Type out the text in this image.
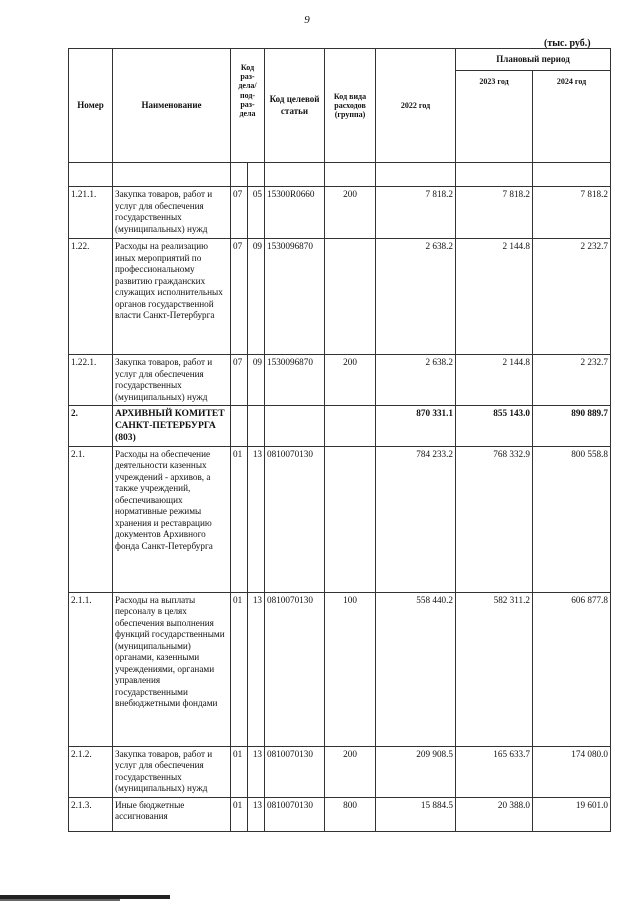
9
(тыс. руб.)
Номер	Наименование	Код раз-дела/ под-раз-дела		Код целевой статьи	Код вида расходов (группа)	2022 год	Плановый период	
							2023 год	2024 год

1.21.1.	Закупка товаров, работ и услуг для обеспечения государственных (муниципальных) нужд	07	05	15300R0660	200	7 818.2	7 818.2	7 818.2
1.22.	Расходы на реализацию иных мероприятий по профессиональному развитию гражданских служащих исполнительных органов государственной власти Санкт-Петербурга	07	09	1530096870		2 638.2	2 144.8	2 232.7
1.22.1.	Закупка товаров, работ и услуг для обеспечения государственных (муниципальных) нужд	07	09	1530096870	200	2 638.2	2 144.8	2 232.7
2.	АРХИВНЫЙ КОМИТЕТ САНКТ-ПЕТЕРБУРГА (803)					870 331.1	855 143.0	890 889.7
2.1.	Расходы на обеспечение деятельности казенных учреждений - архивов, а также учреждений, обеспечивающих нормативные режимы хранения и реставрацию документов Архивного фонда Санкт-Петербурга	01	13	0810070130		784 233.2	768 332.9	800 558.8
2.1.1.	Расходы на выплаты персоналу в целях обеспечения выполнения функций государственными (муниципальными) органами, казенными учреждениями, органами управления государственными внебюджетными фондами	01	13	0810070130	100	558 440.2	582 311.2	606 877.8
2.1.2.	Закупка товаров, работ и услуг для обеспечения государственных (муниципальных) нужд	01	13	0810070130	200	209 908.5	165 633.7	174 080.0
2.1.3.	Иные бюджетные ассигнования	01	13	0810070130	800	15 884.5	20 388.0	19 601.0
